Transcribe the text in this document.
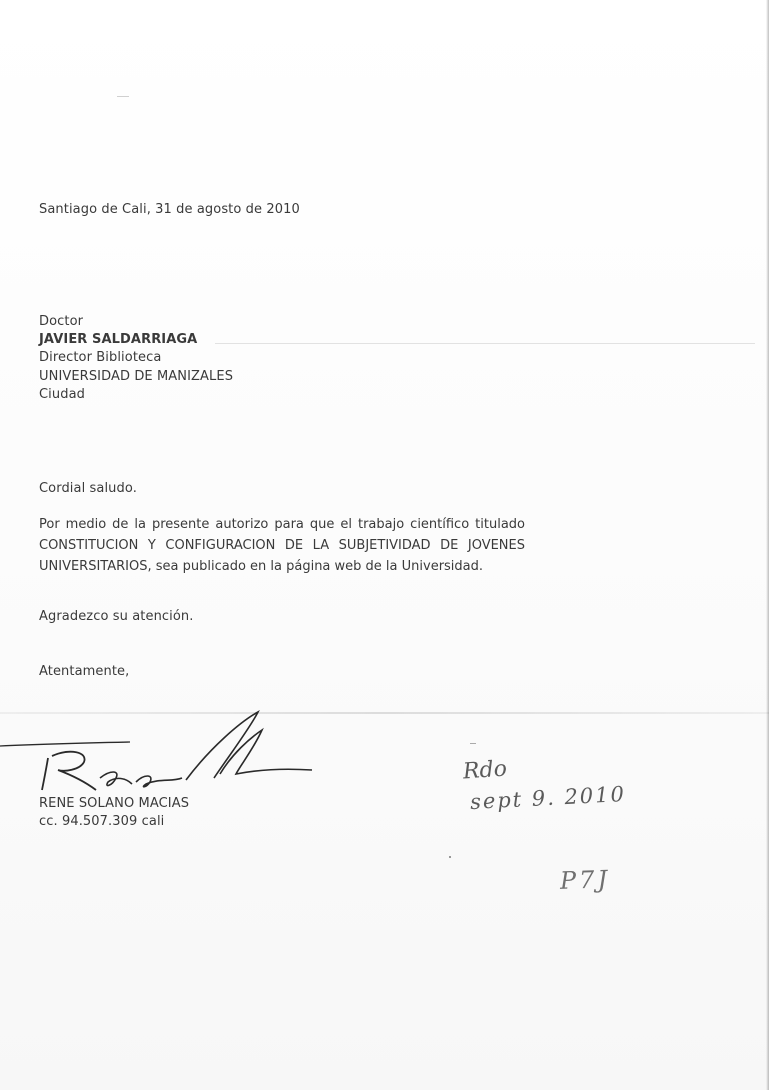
Santiago de Cali, 31 de agosto de 2010
Doctor
JAVIER SALDARRIAGA
Director Biblioteca
UNIVERSIDAD DE MANIZALES
Ciudad
Cordial saludo.
Por medio de la presente autorizo para que el trabajo científico titulado CONSTITUCION Y CONFIGURACION DE LA SUBJETIVIDAD DE JOVENES UNIVERSITARIOS, sea publicado en la página web de la Universidad.
Agradezco su atención.
Atentamente,
RENE SOLANO MACIAS
cc. 94.507.309 cali
Rdo
sept 9. 2010
P7J
